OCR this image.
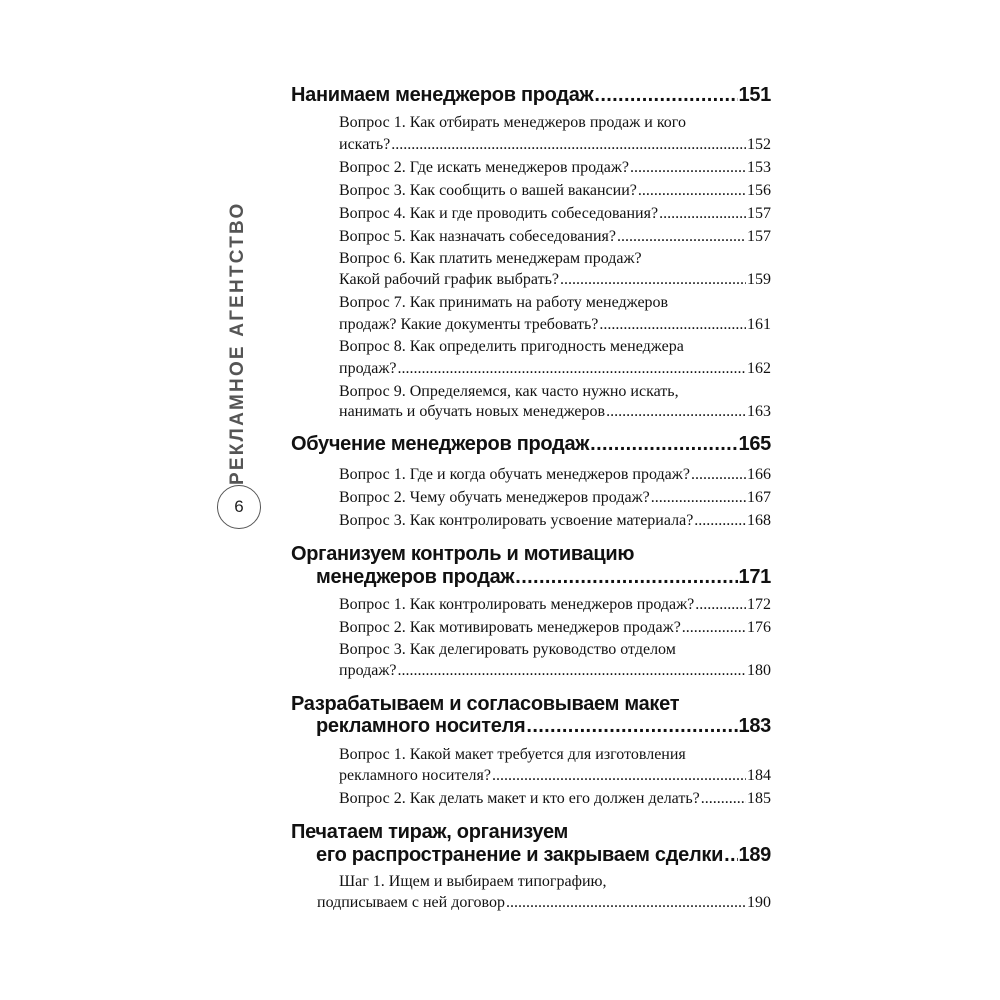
РЕКЛАМНОЕ АГЕНТСТВО
6
Нанимаем менеджеров продаж . . .	151
Вопрос 1. Как отбирать менеджеров продаж и кого
искать? . . .	152
Вопрос 2. Где искать менеджеров продаж? . . .	153
Вопрос 3. Как сообщить о вашей вакансии? . . .	156
Вопрос 4. Как и где проводить собеседования? . . .	157
Вопрос 5. Как назначать собеседования? . . .	157
Вопрос 6. Как платить менеджерам продаж?
Какой рабочий график выбрать? . . .	159
Вопрос 7. Как принимать на работу менеджеров
продаж? Какие документы требовать? . . .	161
Вопрос 8. Как определить пригодность менеджера
продаж? . . .	162
Вопрос 9. Определяемся, как часто нужно искать,
нанимать и обучать новых менеджеров . . .	163
Обучение менеджеров продаж . . .	165
Вопрос 1. Где и когда обучать менеджеров продаж? . . .	166
Вопрос 2. Чему обучать менеджеров продаж? . . .	167
Вопрос 3. Как контролировать усвоение материала? . . .	168
Организуем контроль и мотивацию
менеджеров продаж . . .	171
Вопрос 1. Как контролировать менеджеров продаж? . . .	172
Вопрос 2. Как мотивировать менеджеров продаж? . . .	176
Вопрос 3. Как делегировать руководство отделом
продаж? . . .	180
Разрабатываем и согласовываем макет
рекламного носителя . . .	183
Вопрос 1. Какой макет требуется для изготовления
рекламного носителя? . . .	184
Вопрос 2. Как делать макет и кто его должен делать? . . .	185
Печатаем тираж, организуем
его распространение и закрываем сделки . . . 189
Шаг 1. Ищем и выбираем типографию,
подписываем с ней договор . . .	190
